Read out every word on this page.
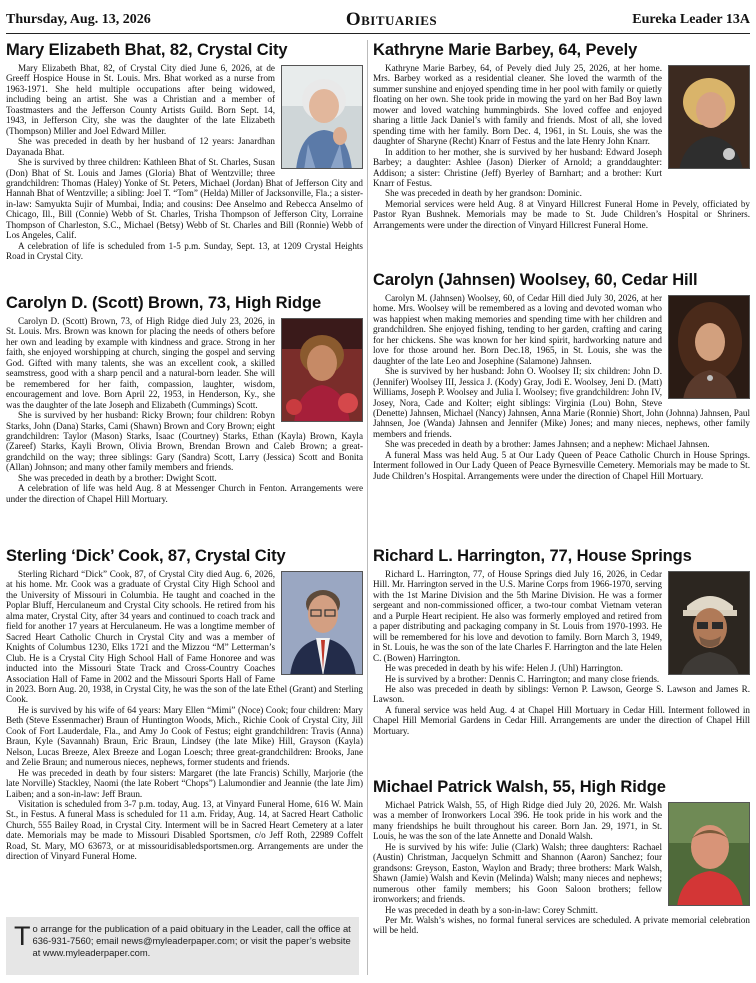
Thursday, Aug. 13, 2026	Obituaries	Eureka Leader 13A
Mary Elizabeth Bhat, 82, Crystal City

Mary Elizabeth Bhat, 82, of Crystal City died June 6, 2026, at de Greeff Hospice House in St. Louis. Mrs. Bhat worked as a nurse from 1963-1971. She held multiple occupations after being widowed, including being an artist. She was a Christian and a member of Toastmasters and the Jefferson County Artists Guild. Born Sept. 14, 1943, in Jefferson City, she was the daughter of the late Elizabeth (Thompson) Miller and Joel Edward Miller.

She was preceded in death by her husband of 12 years: Janardhan Dayanada Bhat.

She is survived by three children: Kathleen Bhat of St. Charles, Susan (Don) Bhat of St. Louis and James (Gloria) Bhat of Wentzville; three grandchildren: Thomas (Haley) Yonke of St. Peters, Michael (Jordan) Bhat of Jefferson City and Hannah Bhat of Wentzville; a sibling: Joel T. “Tom” (Helda) Miller of Jacksonville, Fla.; a sister-in-law: Samyukta Sujir of Mumbai, India; and cousins: Dee Anselmo and Rebecca Anselmo of Chicago, Ill., Bill (Connie) Webb of St. Charles, Trisha Thompson of Jefferson City, Lorraine Thompson of Charleston, S.C., Michael (Betsy) Webb of St. Charles and Bill (Ronnie) Webb of Los Angeles, Calif.

A celebration of life is scheduled from 1-5 p.m. Sunday, Sept. 13, at 1209 Crystal Heights Road in Crystal City.

Carolyn D. (Scott) Brown, 73, High Ridge

Carolyn D. (Scott) Brown, 73, of High Ridge died July 23, 2026, in St. Louis. Mrs. Brown was known for placing the needs of others before her own and leading by example with kindness and grace. Strong in her faith, she enjoyed worshipping at church, singing the gospel and serving God. Gifted with many talents, she was an excellent cook, a skilled seamstress, good with a sharp pencil and a natural-born leader. She will be remembered for her faith, compassion, laughter, wisdom, encouragement and love. Born April 22, 1953, in Henderson, Ky., she was the daughter of the late Joseph and Elizabeth (Cummings) Scott.

She is survived by her husband: Ricky Brown; four children: Robyn Starks, John (Dana) Starks, Cami (Shawn) Brown and Cory Brown; eight grandchildren: Taylor (Mason) Starks, Isaac (Courtney) Starks, Ethan (Kayla) Brown, Kayla (Zareef) Starks, Kayli Brown, Olivia Brown, Brendan Brown and Caleb Brown; a great-grandchild on the way; three siblings: Gary (Sandra) Scott, Larry (Jessica) Scott and Bonita (Allan) Johnson; and many other family members and friends.

She was preceded in death by a brother: Dwight Scott.

A celebration of life was held Aug. 8 at Messenger Church in Fenton. Arrangements were under the direction of Chapel Hill Mortuary.

Sterling ‘Dick’ Cook, 87, Crystal City

Sterling Richard “Dick” Cook, 87, of Crystal City died Aug. 6, 2026, at his home. Mr. Cook was a graduate of Crystal City High School and the University of Missouri in Columbia. He taught and coached in the Poplar Bluff, Herculaneum and Crystal City schools. He retired from his alma mater, Crystal City, after 34 years and continued to coach track and field for another 17 years at Herculaneum. He was a longtime member of Sacred Heart Catholic Church in Crystal City and was a member of Knights of Columbus 1230, Elks 1721 and the Mizzou “M” Letterman’s Club. He is a Crystal City High School Hall of Fame Honoree and was inducted into the Missouri State Track and Cross-Country Coaches Association Hall of Fame in 2002 and the Missouri Sports Hall of Fame in 2023. Born Aug. 20, 1938, in Crystal City, he was the son of the late Ethel (Grant) and Sterling Cook.

He is survived by his wife of 64 years: Mary Ellen “Mimi” (Noce) Cook; four children: Mary Beth (Steve Essenmacher) Braun of Huntington Woods, Mich., Richie Cook of Crystal City, Jill Cook of Fort Lauderdale, Fla., and Amy Jo Cook of Festus; eight grandchildren: Travis (Anna) Braun, Kyle (Savannah) Braun, Eric Braun, Lindsey (the late Mike) Hill, Grayson (Kayla) Nelson, Lucas Breeze, Alex Breeze and Logan Loesch; three great-grandchildren: Brooks, Jane and Zelie Braun; and numerous nieces, nephews, former students and friends.

He was preceded in death by four sisters: Margaret (the late Francis) Schilly, Marjorie (the late Norville) Stackley, Naomi (the late Robert “Chops”) Lalumondier and Jeannie (the late Jim) Laiben; and a son-in-law: Jeff Braun.

Visitation is scheduled from 3-7 p.m. today, Aug. 13, at Vinyard Funeral Home, 616 W. Main St., in Festus. A funeral Mass is scheduled for 11 a.m. Friday, Aug. 14, at Sacred Heart Catholic Church, 555 Bailey Road, in Crystal City. Interment will be in Sacred Heart Cemetery at a later date. Memorials may be made to Missouri Disabled Sportsmen, c/o Jeff Roth, 22989 Coffelt Road, St. Mary, MO 63673, or at missouridisabledsportsmen.org. Arrangements are under the direction of Vinyard Funeral Home.

T o arrange for the publication of a paid obituary in the Leader, call the office at 636-931-7560; email news@myleaderpaper.com; or visit the paper’s website at www.myleaderpaper.com.
Kathryne Marie Barbey, 64, Pevely

Kathryne Marie Barbey, 64, of Pevely died July 25, 2026, at her home. Mrs. Barbey worked as a residential cleaner. She loved the warmth of the summer sunshine and enjoyed spending time in her pool with family or quietly floating on her own. She took pride in mowing the yard on her Bad Boy lawn mower and loved watching hummingbirds. She loved coffee and enjoyed sharing a little Jack Daniel’s with family and friends. Most of all, she loved spending time with her family. Born Dec. 4, 1961, in St. Louis, she was the daughter of Sharyne (Recht) Knarr of Festus and the late Henry John Knarr.

In addition to her mother, she is survived by her husband: Edward Joseph Barbey; a daughter: Ashlee (Jason) Dierker of Arnold; a granddaughter: Addison; a sister: Christine (Jeff) Byerley of Barnhart; and a brother: Kurt Knarr of Festus.

She was preceded in death by her grandson: Dominic.

Memorial services were held Aug. 8 at Vinyard Hillcrest Funeral Home in Pevely, officiated by Pastor Ryan Bushnek. Memorials may be made to St. Jude Children’s Hospital or Shriners. Arrangements were under the direction of Vinyard Hillcrest Funeral Home.

Carolyn (Jahnsen) Woolsey, 60, Cedar Hill

Carolyn M. (Jahnsen) Woolsey, 60, of Cedar Hill died July 30, 2026, at her home. Mrs. Woolsey will be remembered as a loving and devoted woman who was happiest when making memories and spending time with her children and grandchildren. She enjoyed fishing, tending to her garden, crafting and caring for her chickens. She was known for her kind spirit, hardworking nature and love for those around her. Born Dec.18, 1965, in St. Louis, she was the daughter of the late Leo and Josephine (Salamone) Jahnsen.

She is survived by her husband: John O. Woolsey II; six children: John D. (Jennifer) Woolsey III, Jessica J. (Kody) Gray, Jodi E. Woolsey, Jeni D. (Matt) Williams, Joseph P. Woolsey and Julia I. Woolsey; five grandchildren: John IV, Josey, Nora, Cade and Kolter; eight siblings: Virginia (Lou) Bohn, Steve (Denette) Jahnsen, Michael (Nancy) Jahnsen, Anna Marie (Ronnie) Short, John (Johnna) Jahnsen, Paul Jahnsen, Joe (Wanda) Jahnsen and Jennifer (Mike) Jones; and many nieces, nephews, other family members and friends.

She was preceded in death by a brother: James Jahnsen; and a nephew: Michael Jahnsen.

A funeral Mass was held Aug. 5 at Our Lady Queen of Peace Catholic Church in House Springs. Interment followed in Our Lady Queen of Peace Byrnesville Cemetery. Memorials may be made to St. Jude Children’s Hospital. Arrangements were under the direction of Chapel Hill Mortuary.

Richard L. Harrington, 77, House Springs

Richard L. Harrington, 77, of House Springs died July 16, 2026, in Cedar Hill. Mr. Harrington served in the U.S. Marine Corps from 1966-1970, serving with the 1st Marine Division and the 5th Marine Division. He was a former sergeant and non-commissioned officer, a two-tour combat Vietnam veteran and a Purple Heart recipient. He also was formerly employed and retired from a paper distributing and packaging company in St. Louis from 1970-1993. He will be remembered for his love and devotion to family. Born March 3, 1949, in St. Louis, he was the son of the late Charles F. Harrington and the late Helen C. (Bowen) Harrington.

He was preceded in death by his wife: Helen J. (Uhl) Harrington.

He is survived by a brother: Dennis C. Harrington; and many close friends.

He also was preceded in death by siblings: Vernon P. Lawson, George S. Lawson and James R. Lawson.

A funeral service was held Aug. 4 at Chapel Hill Mortuary in Cedar Hill. Interment followed in Chapel Hill Memorial Gardens in Cedar Hill. Arrangements are under the direction of Chapel Hill Mortuary.

Michael Patrick Walsh, 55, High Ridge

Michael Patrick Walsh, 55, of High Ridge died July 20, 2026. Mr. Walsh was a member of Ironworkers Local 396. He took pride in his work and the many friendships he built throughout his career. Born Jan. 29, 1971, in St. Louis, he was the son of the late Annette and Donald Walsh.

He is survived by his wife: Julie (Clark) Walsh; three daughters: Rachael (Austin) Christman, Jacquelyn Schmitt and Shannon (Aaron) Sanchez; four grandsons: Greyson, Easton, Waylon and Brady; three brothers: Mark Walsh, Shawn (Jamie) Walsh and Kevin (Melinda) Walsh; many nieces and nephews; numerous other family members; his Goon Saloon brothers; fellow ironworkers; and friends.

He was preceded in death by a son-in-law: Corey Schmitt.

Per Mr. Walsh’s wishes, no formal funeral services are scheduled. A private memorial celebration will be held.
